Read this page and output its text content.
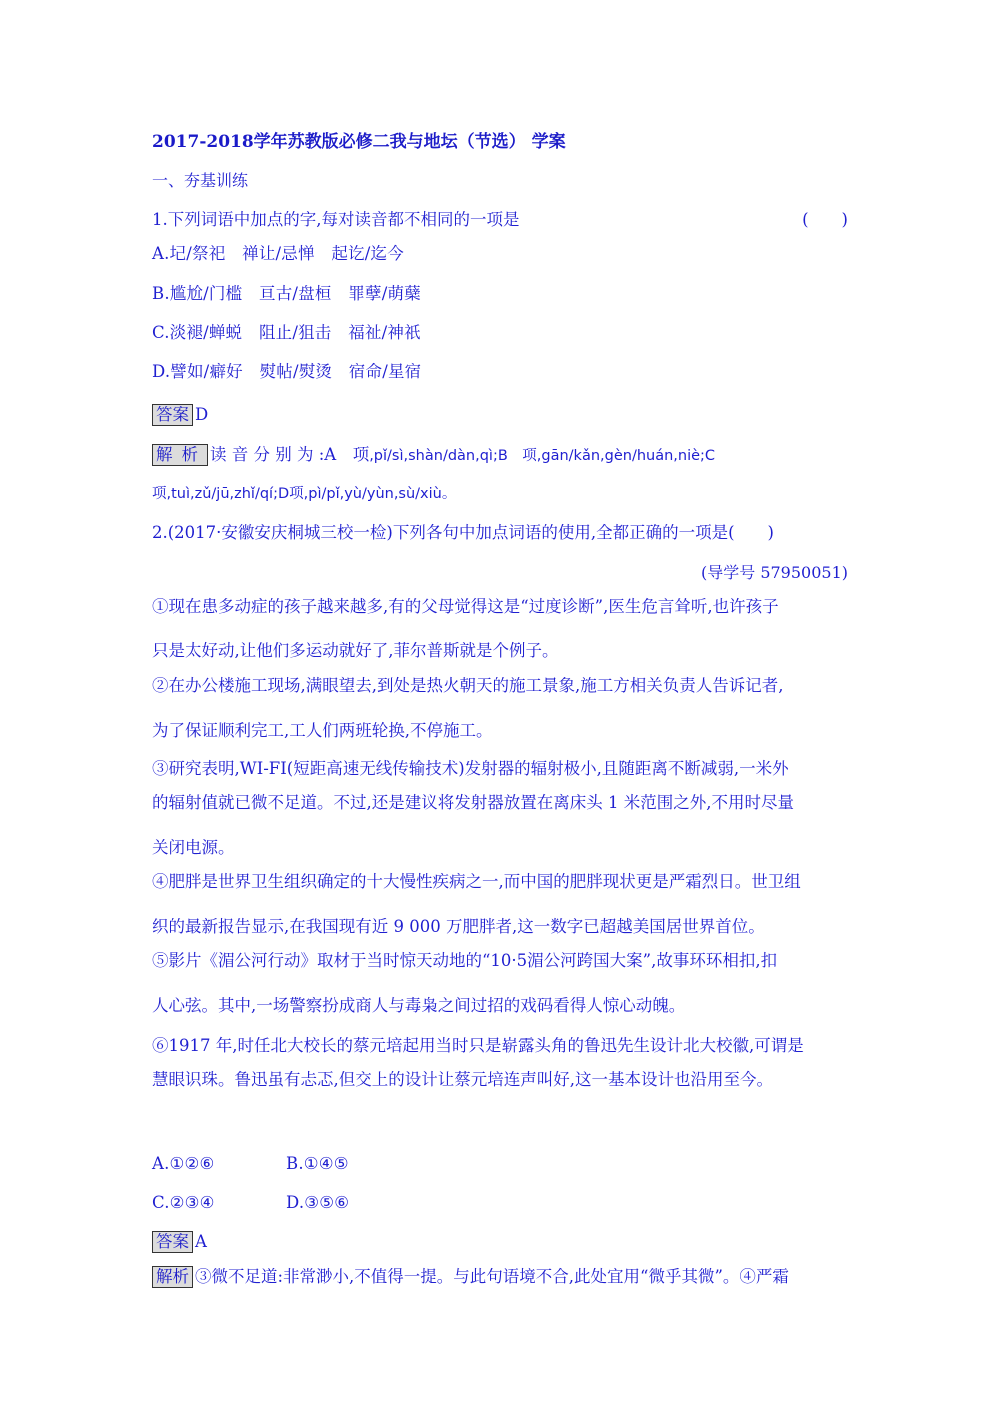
2017-2018学年苏教版必修二我与地坛（节选） 学案
一、夯基训练
1.下列词语中加点的字,每对读音都不相同的一项是	(　　)
A.圮/祭祀　禅让/忌惮　起讫/迄今
B.尴尬/门槛　亘古/盘桓　罪孽/萌蘖
C.淡褪/蝉蜕　阻止/狙击　福祉/神祇
D.譬如/癖好　熨帖/熨烫　宿命/星宿
答案 D
解析 读 音 分 别 为 :A　项,pǐ/sì,shàn/dàn,qì;B　项,gān/kǎn,gèn/huán,niè;C
项,tuì,zǔ/jū,zhǐ/qí;D项,pì/pǐ,yù/yùn,sù/xiù。
2.(2017·安徽安庆桐城三校一检)下列各句中加点词语的使用,全都正确的一项是(　　)
(导学号 57950051)
①现在患多动症的孩子越来越多,有的父母觉得这是“过度诊断”,医生危言耸听,也许孩子
只是太好动,让他们多运动就好了,菲尔普斯就是个例子。
②在办公楼施工现场,满眼望去,到处是热火朝天的施工景象,施工方相关负责人告诉记者,
为了保证顺利完工,工人们两班轮换,不停施工。
③研究表明,WI-FI(短距高速无线传输技术)发射器的辐射极小,且随距离不断减弱,一米外
的辐射值就已微不足道。不过,还是建议将发射器放置在离床头 1 米范围之外,不用时尽量
关闭电源。
④肥胖是世界卫生组织确定的十大慢性疾病之一,而中国的肥胖现状更是严霜烈日。世卫组
织的最新报告显示,在我国现有近 9 000 万肥胖者,这一数字已超越美国居世界首位。
⑤影片《湄公河行动》取材于当时惊天动地的“10·5湄公河跨国大案”,故事环环相扣,扣
人心弦。其中,一场警察扮成商人与毒枭之间过招的戏码看得人惊心动魄。
⑥1917 年,时任北大校长的蔡元培起用当时只是崭露头角的鲁迅先生设计北大校徽,可谓是
慧眼识珠。鲁迅虽有忐忑,但交上的设计让蔡元培连声叫好,这一基本设计也沿用至今。
A.①②⑥	B.①④⑤
C.②③④	D.③⑤⑥
答案 A
解析 ③微不足道:非常渺小,不值得一提。与此句语境不合,此处宜用“微乎其微”。④严霜
